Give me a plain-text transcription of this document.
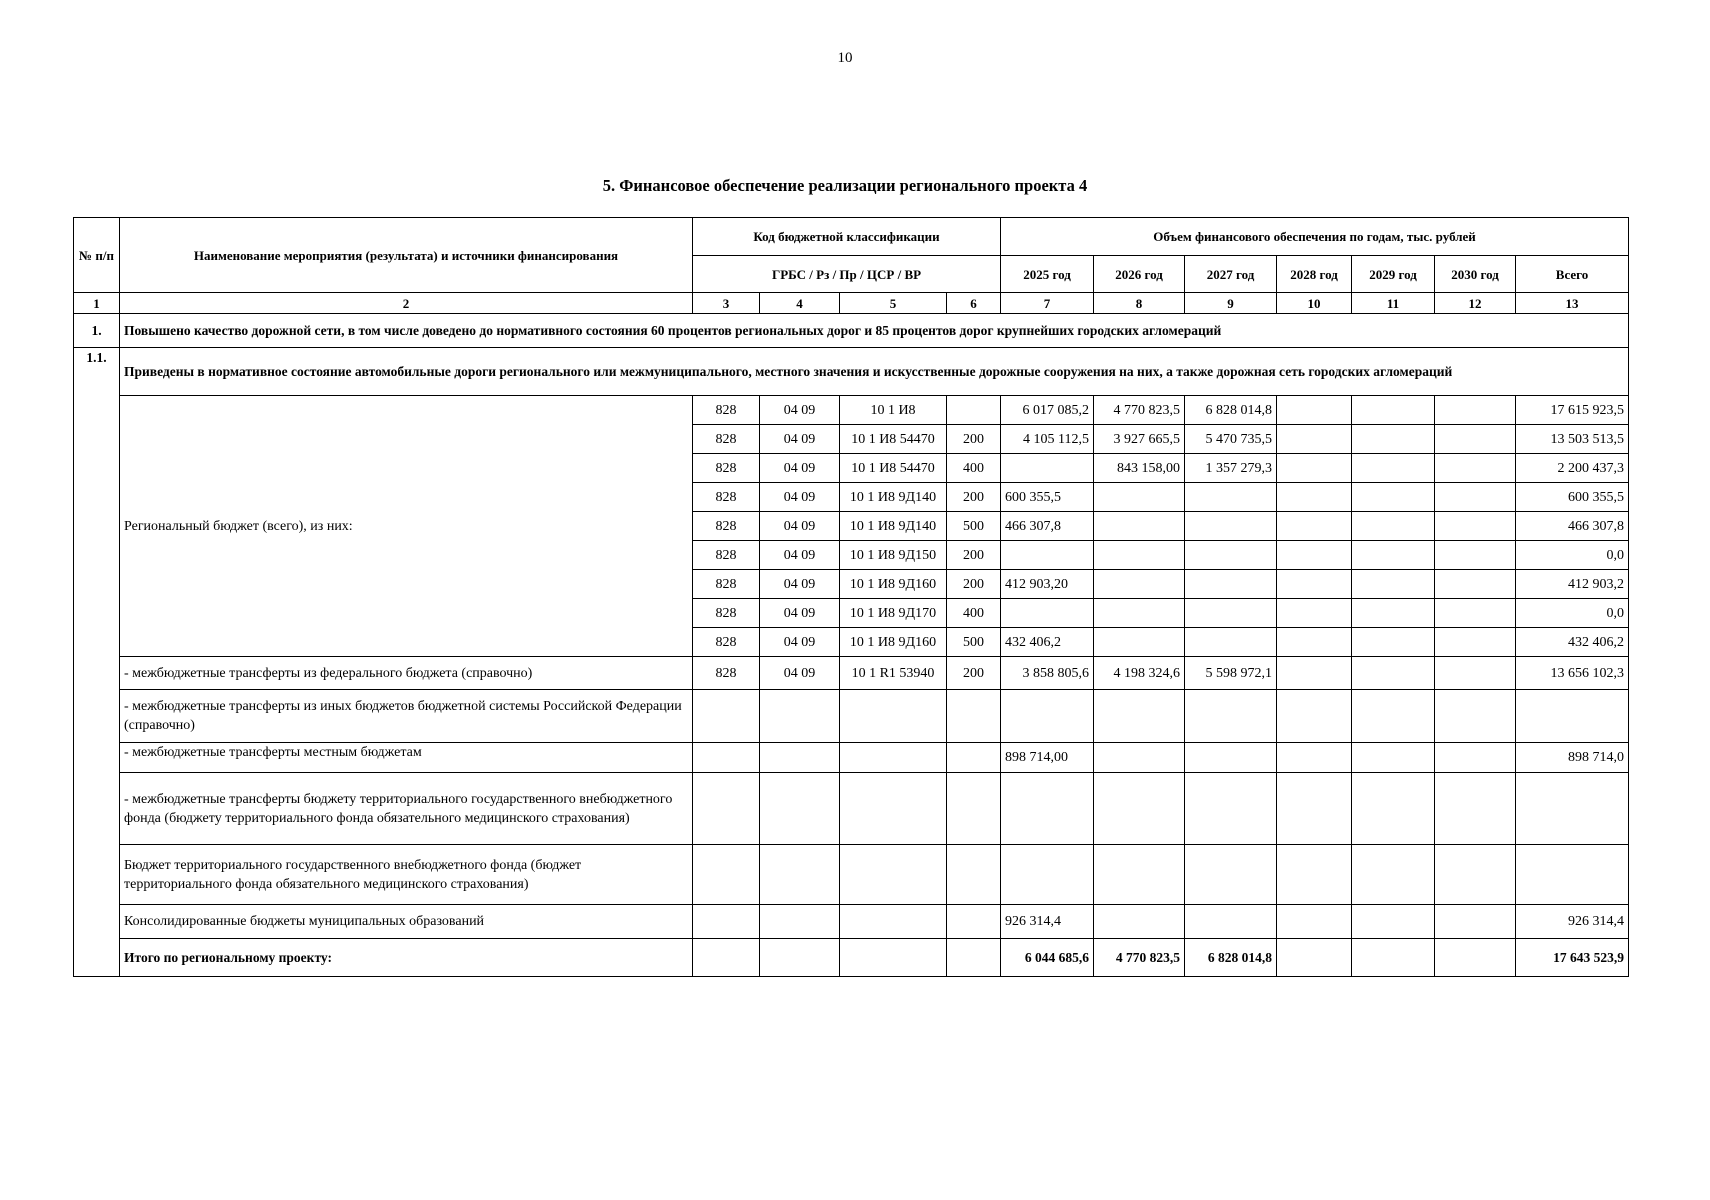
10
5. Финансовое обеспечение реализации регионального проекта 4
№ п/п	Наименование мероприятия (результата) и источники финансирования	Код бюджетной классификации				Объем финансового обеспечения по годам, тыс. рублей						
		ГРБС / Рз / Пр / ЦСР / ВР				2025 год	2026 год	2027 год	2028 год	2029 год	2030 год	Всего
1	2	3	4	5	6	7	8	9	10	11	12	13
1.	Повышено качество дорожной сети, в том числе доведено до нормативного состояния 60 процентов региональных дорог и 85 процентов дорог крупнейших городских агломераций											
1.1.	Приведены в нормативное состояние автомобильные дороги регионального или межмуниципального, местного значения и искусственные дорожные сооружения на них, а также дорожная сеть городских агломераций											
	Региональный бюджет (всего), из них:	828	04 09	10 1 И8		6 017 085,2	4 770 823,5	6 828 014,8				17 615 923,5
		828	04 09	10 1 И8 54470	200	4 105 112,5	3 927 665,5	5 470 735,5				13 503 513,5
		828	04 09	10 1 И8 54470	400		843 158,00	1 357 279,3				2 200 437,3
		828	04 09	10 1 И8 9Д140	200	600 355,5						600 355,5
		828	04 09	10 1 И8 9Д140	500	466 307,8						466 307,8
		828	04 09	10 1 И8 9Д150	200							0,0
		828	04 09	10 1 И8 9Д160	200	412 903,20						412 903,2
		828	04 09	10 1 И8 9Д170	400							0,0
		828	04 09	10 1 И8 9Д160	500	432 406,2						432 406,2
	- межбюджетные трансферты из федерального бюджета (справочно)	828	04 09	10 1 R1 53940	200	3 858 805,6	4 198 324,6	5 598 972,1				13 656 102,3
	- межбюджетные трансферты из иных бюджетов бюджетной системы Российской Федерации (справочно)											
	- межбюджетные трансферты местным бюджетам					898 714,00						898 714,0
	- межбюджетные трансферты бюджету территориального государственного внебюджетного фонда (бюджету территориального фонда обязательного медицинского страхования)											
	Бюджет территориального государственного внебюджетного фонда (бюджет территориального фонда обязательного медицинского страхования)											
	Консолидированные бюджеты муниципальных образований					926 314,4						926 314,4
	Итого по региональному проекту:					6 044 685,6	4 770 823,5	6 828 014,8				17 643 523,9
